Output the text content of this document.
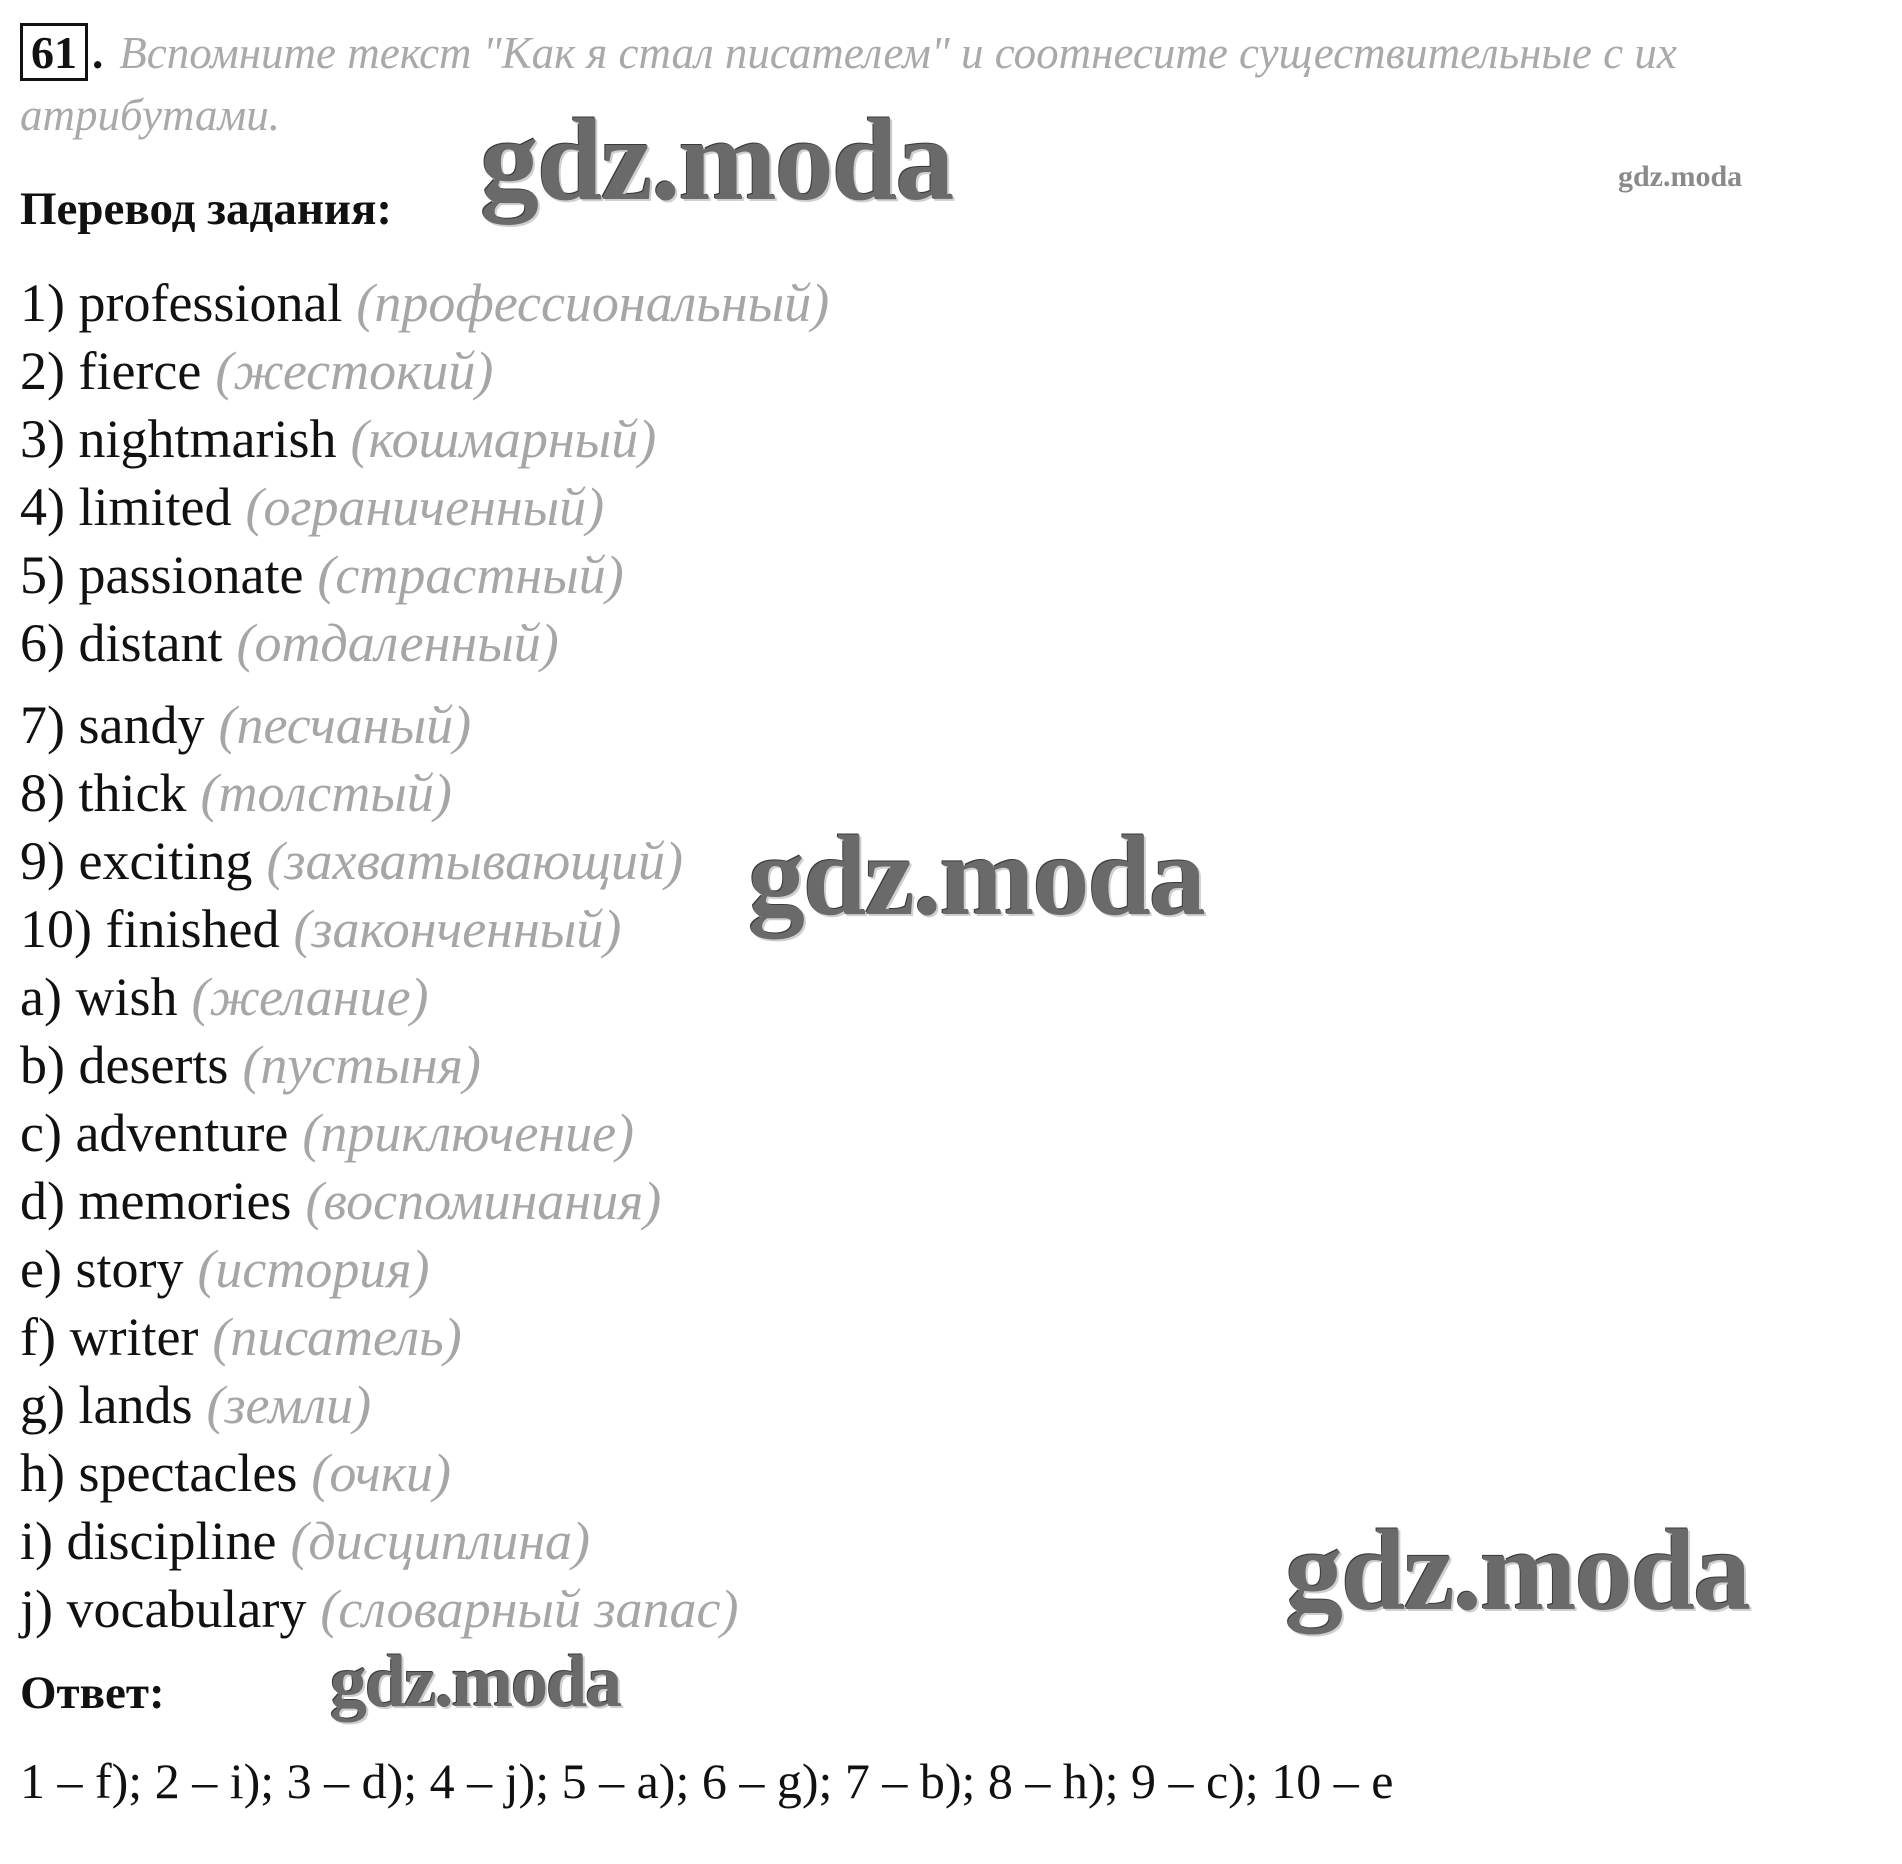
61 . Вспомните текст "Как я стал писателем" и соотнесите существительные с их атрибутами.
Перевод задания:
1) professional (профессиональный)
2) fierce (жестокий)
3) nightmarish (кошмарный)
4) limited (ограниченный)
5) passionate (страстный)
6) distant (отдаленный)
7) sandy (песчаный)
8) thick (толстый)
9) exciting (захватывающий)
10) finished (законченный)
a) wish (желание)
b) deserts (пустыня)
c) adventure (приключение)
d) memories (воспоминания)
e) story (история)
f) writer (писатель)
g) lands (земли)
h) spectacles (очки)
i) discipline (дисциплина)
j) vocabulary (словарный запас)
Ответ:
1 – f); 2 – i); 3 – d); 4 – j); 5 – a); 6 – g); 7 – b); 8 – h); 9 – c); 10 – e
gdz.moda	gdz.moda
gdz.moda
gdz.moda
gdz.moda
